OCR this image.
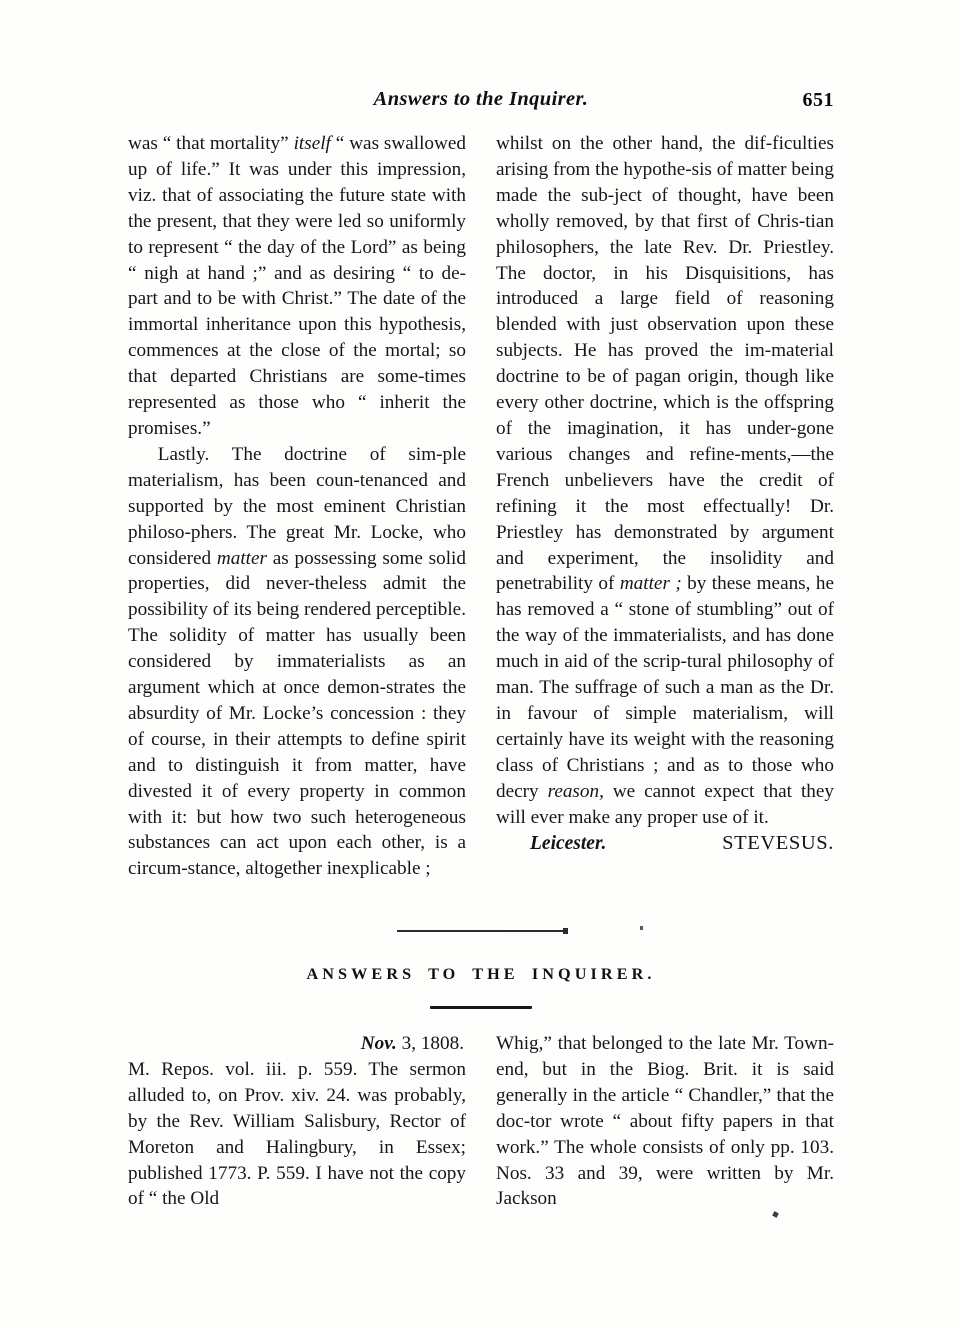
Answers to the Inquirer.	651

was “ that mortality” itself “ was swallowed up of life.” It was under this impression, viz. that of associating the future state with the present, that they were led so uniformly to represent “ the day of the Lord” as being “ nigh at hand ;” and as desiring “ to de-part and to be with Christ.” The date of the immortal inheritance upon this hypothesis, commences at the close of the mortal; so that departed Christians are some-times represented as those who “ inherit the promises.”

Lastly. The doctrine of sim-ple materialism, has been coun-tenanced and supported by the most eminent Christian philoso-phers. The great Mr. Locke, who considered matter as possessing some solid properties, did never-theless admit the possibility of its being rendered perceptible. The solidity of matter has usually been considered by immaterialists as an argument which at once demon-strates the absurdity of Mr. Locke’s concession : they of course, in their attempts to define spirit and to distinguish it from matter, have divested it of every property in common with it: but how two such heterogeneous substances can act upon each other, is a circum-stance, altogether inexplicable ;

whilst on the other hand, the dif-ficulties arising from the hypothe-sis of matter being made the sub-ject of thought, have been wholly removed, by that first of Chris-tian philosophers, the late Rev. Dr. Priestley. The doctor, in his Disquisitions, has introduced a large field of reasoning blended with just observation upon these subjects. He has proved the im-material doctrine to be of pagan origin, though like every other doctrine, which is the offspring of the imagination, it has under-gone various changes and refine-ments,—the French unbelievers have the credit of refining it the most effectually! Dr. Priestley has demonstrated by argument and experiment, the insolidity and penetrability of matter ; by these means, he has removed a “ stone of stumbling” out of the way of the immaterialists, and has done much in aid of the scrip-tural philosophy of man. The suffrage of such a man as the Dr. in favour of simple materialism, will certainly have its weight with the reasoning class of Christians ; and as to those who decry reason, we cannot expect that they will ever make any proper use of it.

Leicester.	STEVESUS.
ANSWERS TO THE INQUIRER.

Nov. 3, 1808.

M. Repos. vol. iii. p. 559. The sermon alluded to, on Prov. xiv. 24. was probably, by the Rev. William Salisbury, Rector of Moreton and Halingbury, in Essex; published 1773. P. 559. I have not the copy of “ the Old

Whig,” that belonged to the late Mr. Town-end, but in the Biog. Brit. it is said generally in the article “ Chandler,” that the doc-tor wrote “ about fifty papers in that work.” The whole consists of only pp. 103. Nos. 33 and 39, were written by Mr. Jackson
